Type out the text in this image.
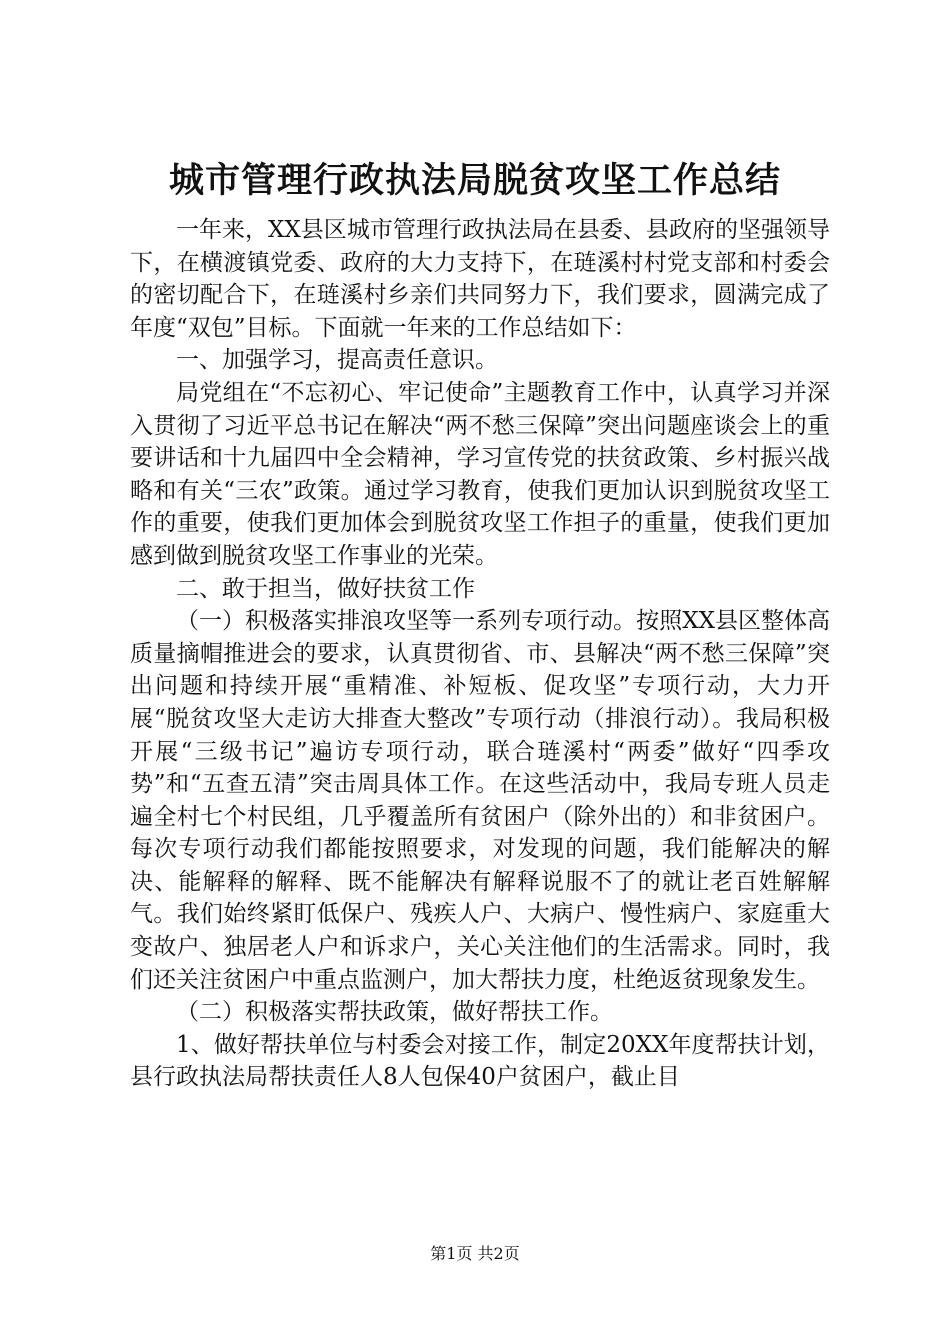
城市管理行政执法局脱贫攻坚工作总结

一年来，XX县区城市管理行政执法局在县委、县政府的坚强领导下，在横渡镇党委、政府的大力支持下，在琏溪村村党支部和村委会的密切配合下，在琏溪村乡亲们共同努力下，我们要求，圆满完成了年度“双包”目标。下面就一年来的工作总结如下：

一、加强学习，提高责任意识。

局党组在“不忘初心、牢记使命”主题教育工作中，认真学习并深入贯彻了习近平总书记在解决“两不愁三保障”突出问题座谈会上的重要讲话和十九届四中全会精神，学习宣传党的扶贫政策、乡村振兴战略和有关“三农”政策。通过学习教育，使我们更加认识到脱贫攻坚工作的重要，使我们更加体会到脱贫攻坚工作担子的重量，使我们更加感到做到脱贫攻坚工作事业的光荣。

二、敢于担当，做好扶贫工作

（一）积极落实排浪攻坚等一系列专项行动。按照XX县区整体高质量摘帽推进会的要求，认真贯彻省、市、县解决“两不愁三保障”突出问题和持续开展“重精准、补短板、促攻坚”专项行动，大力开展“脱贫攻坚大走访大排查大整改”专项行动（排浪行动）。我局积极开展“三级书记”遍访专项行动，联合琏溪村“两委”做好“四季攻势”和“五查五清”突击周具体工作。在这些活动中，我局专班人员走遍全村七个村民组，几乎覆盖所有贫困户（除外出的）和非贫困户。每次专项行动我们都能按照要求，对发现的问题，我们能解决的解决、能解释的解释、既不能解决有解释说服不了的就让老百姓解解气。我们始终紧盯低保户、残疾人户、大病户、慢性病户、家庭重大变故户、独居老人户和诉求户，关心关注他们的生活需求。同时，我们还关注贫困户中重点监测户，加大帮扶力度，杜绝返贫现象发生。

（二）积极落实帮扶政策，做好帮扶工作。

1、做好帮扶单位与村委会对接工作，制定20XX年度帮扶计划，县行政执法局帮扶责任人8人包保40户贫困户，截止目

第1页 共2页
